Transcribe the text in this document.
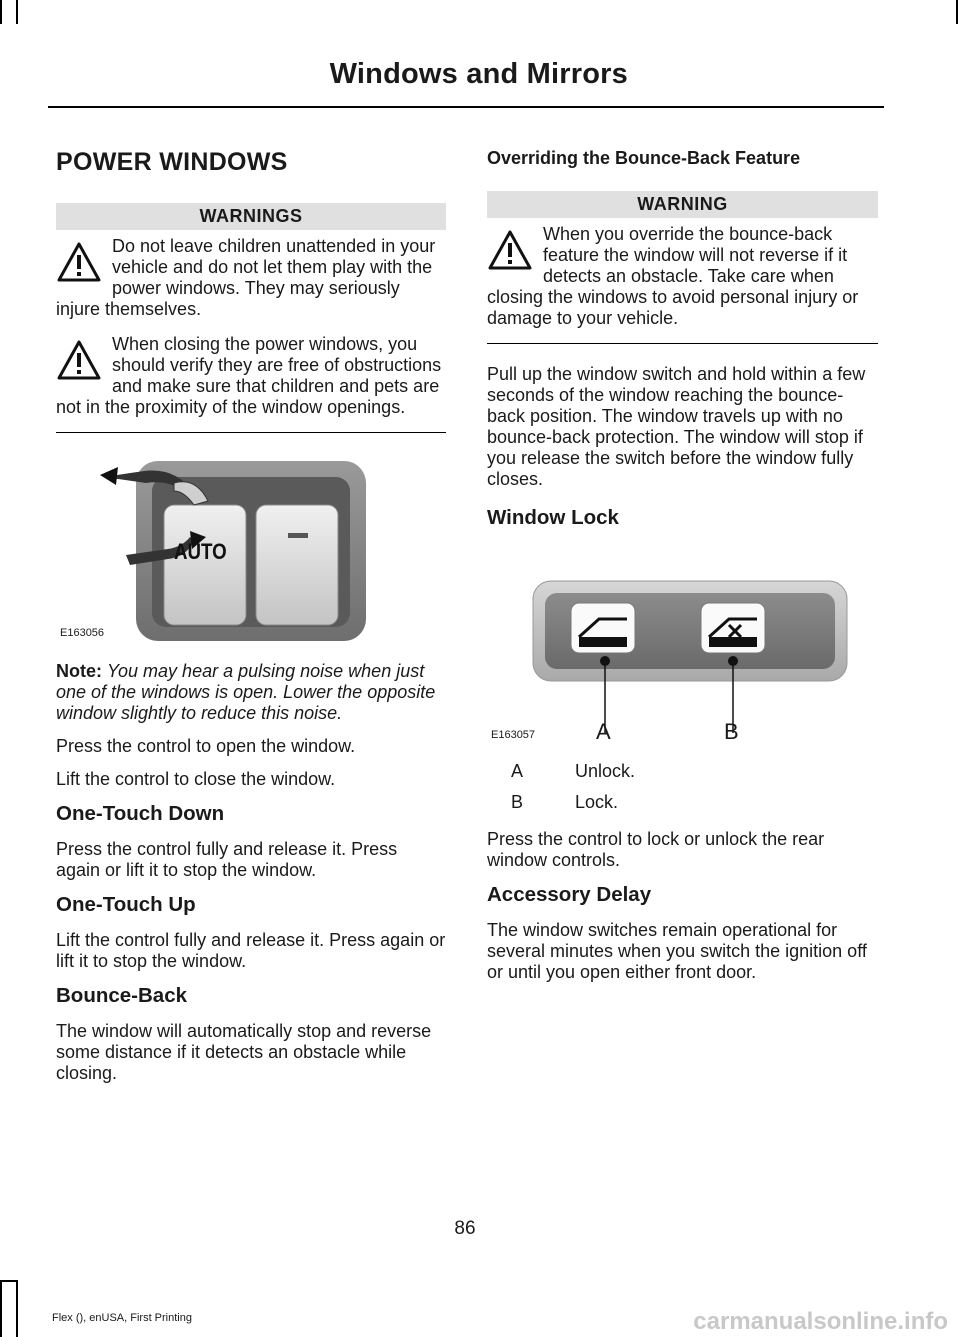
Windows and Mirrors
POWER WINDOWS
WARNINGS
Do not leave children unattended in your vehicle and do not let them play with the power windows. They may seriously injure themselves.
When closing the power windows, you should verify they are free of obstructions and make sure that children and pets are not in the proximity of the window openings.
AUTO
E163056

Note: You may hear a pulsing noise when just one of the windows is open. Lower the opposite window slightly to reduce this noise.

Press the control to open the window.

Lift the control to close the window.

One-Touch Down

Press the control fully and release it. Press again or lift it to stop the window.

One-Touch Up

Lift the control fully and release it. Press again or lift it to stop the window.

Bounce-Back

The window will automatically stop and reverse some distance if it detects an obstacle while closing.

Overriding the Bounce-Back Feature
WARNING
When you override the bounce-back feature the window will not reverse if it detects an obstacle. Take care when closing the windows to avoid personal injury or damage to your vehicle.

Pull up the window switch and hold within a few seconds of the window reaching the bounce-back position. The window travels up with no bounce-back protection. The window will stop if you release the switch before the window fully closes.

Window Lock
A	B
E163057
A	Unlock.
B	Lock.

Press the control to lock or unlock the rear window controls.

Accessory Delay

The window switches remain operational for several minutes when you switch the ignition off or until you open either front door.

86
Flex (), enUSA, First Printing	carmanualsonline.info
